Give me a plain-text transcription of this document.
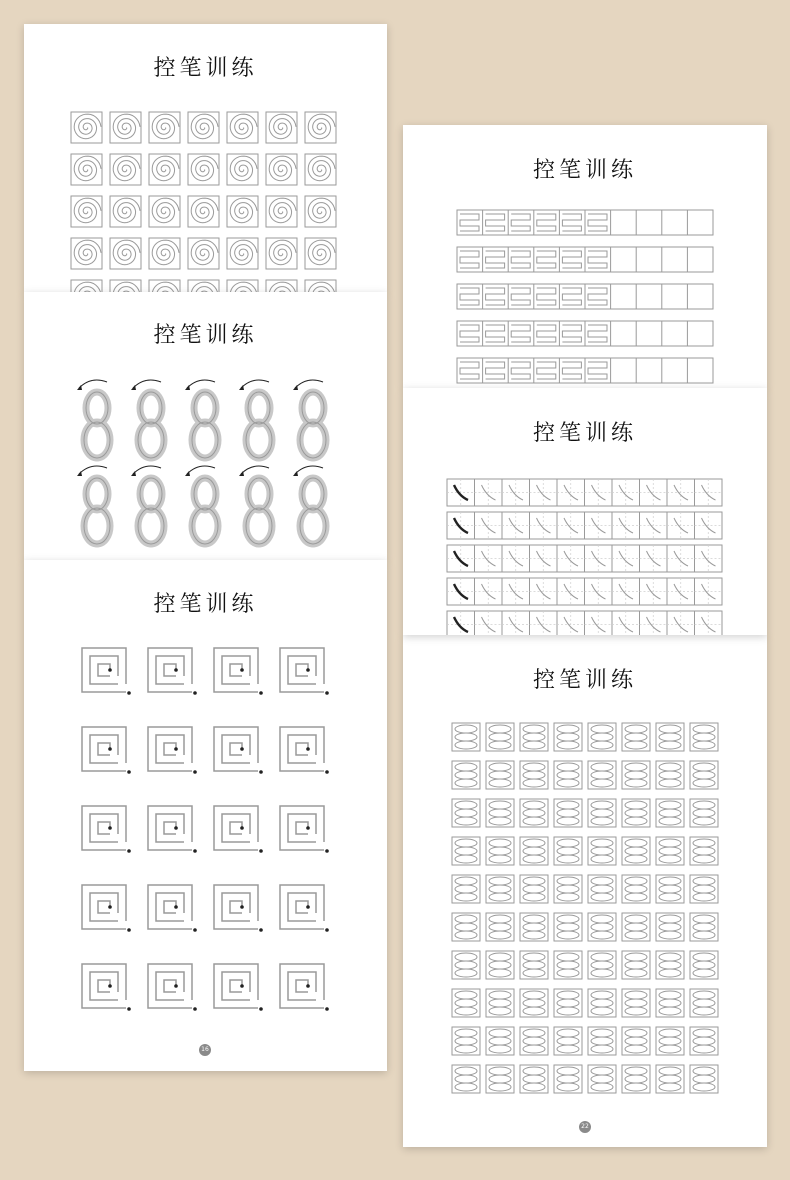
控笔训练
22
控笔训练
控笔训练
控笔训练
控笔训练
控笔训练
16
